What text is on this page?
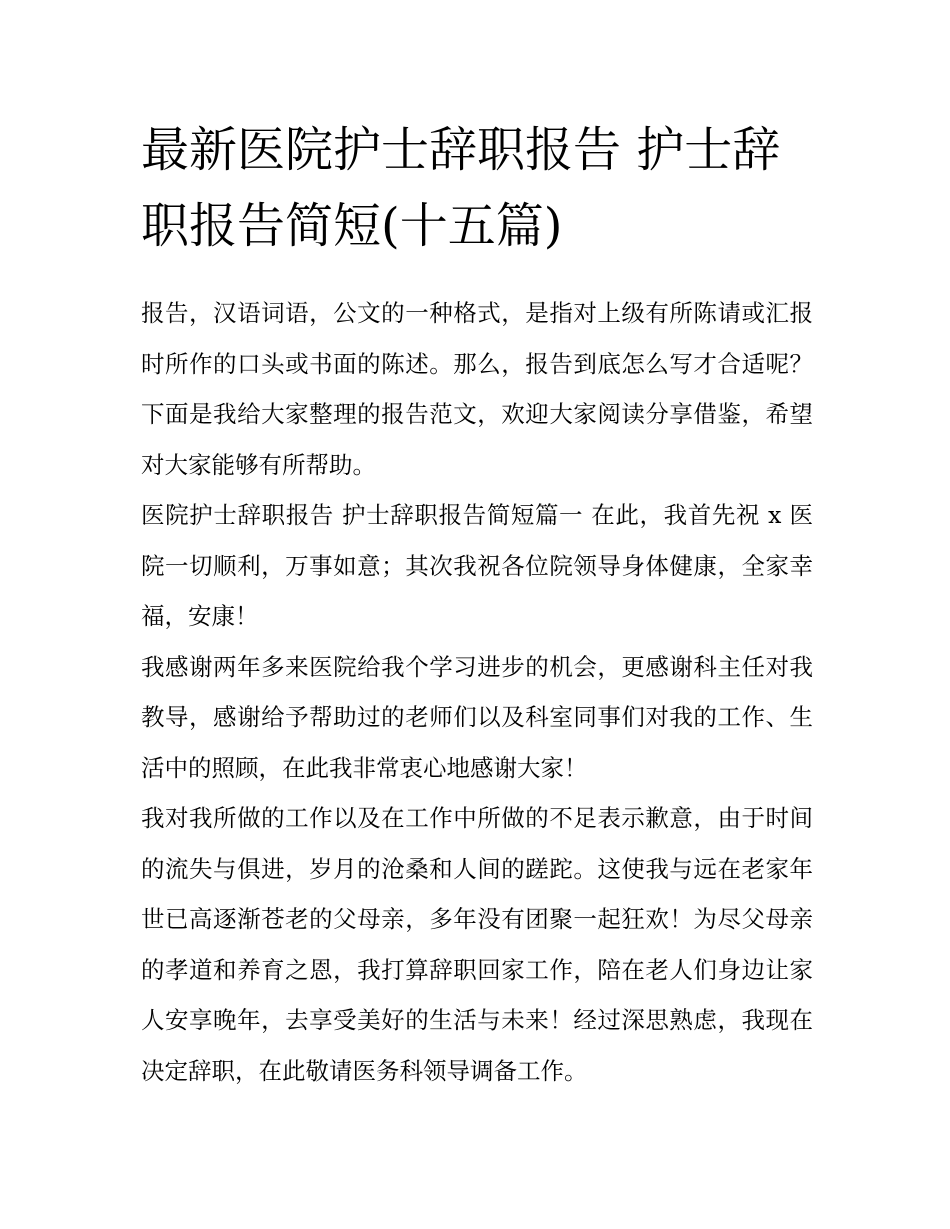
最新医院护士辞职报告 护士辞职报告简短(十五篇)

报告，汉语词语，公文的一种格式，是指对上级有所陈请或汇报时所作的口头或书面的陈述。那么，报告到底怎么写才合适呢？下面是我给大家整理的报告范文，欢迎大家阅读分享借鉴，希望对大家能够有所帮助。

医院护士辞职报告 护士辞职报告简短篇一 在此，我首先祝 x 医院一切顺利，万事如意；其次我祝各位院领导身体健康，全家幸福，安康！

我感谢两年多来医院给我个学习进步的机会，更感谢科主任对我教导，感谢给予帮助过的老师们以及科室同事们对我的工作、生活中的照顾，在此我非常衷心地感谢大家！

我对我所做的工作以及在工作中所做的不足表示歉意，由于时间的流失与俱进，岁月的沧桑和人间的蹉跎。这使我与远在老家年世已高逐渐苍老的父母亲，多年没有团聚一起狂欢！为尽父母亲的孝道和养育之恩，我打算辞职回家工作，陪在老人们身边让家人安享晚年，去享受美好的生活与未来！经过深思熟虑，我现在决定辞职，在此敬请医务科领导调备工作。
